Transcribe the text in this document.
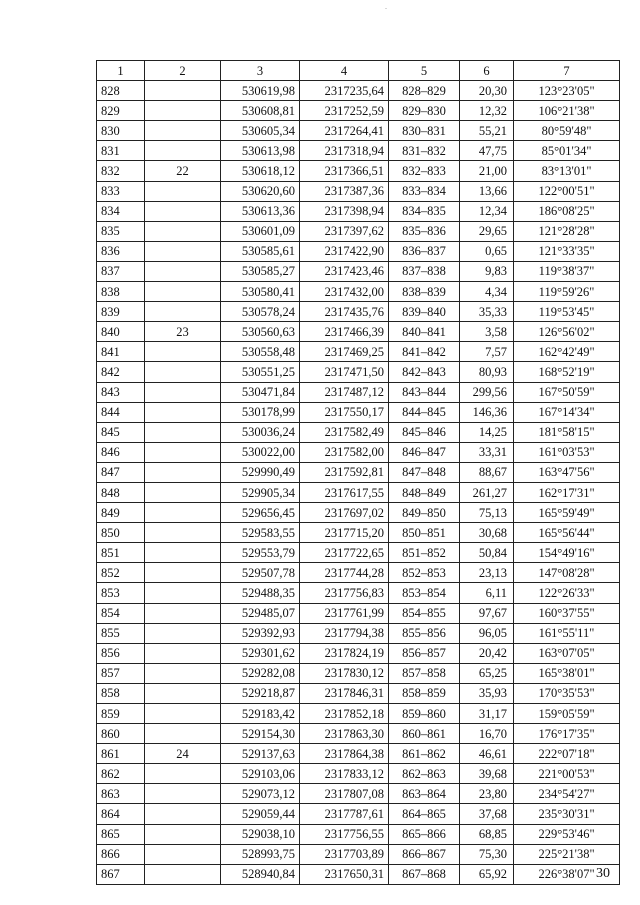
.
1	2	3	4	5	6	7
828		530619,98	2317235,64	828–829	20,30	123°23'05"
829		530608,81	2317252,59	829–830	12,32	106°21'38"
830		530605,34	2317264,41	830–831	55,21	80°59'48"
831		530613,98	2317318,94	831–832	47,75	85°01'34"
832	22	530618,12	2317366,51	832–833	21,00	83°13'01"
833		530620,60	2317387,36	833–834	13,66	122°00'51"
834		530613,36	2317398,94	834–835	12,34	186°08'25"
835		530601,09	2317397,62	835–836	29,65	121°28'28"
836		530585,61	2317422,90	836–837	0,65	121°33'35"
837		530585,27	2317423,46	837–838	9,83	119°38'37"
838		530580,41	2317432,00	838–839	4,34	119°59'26"
839		530578,24	2317435,76	839–840	35,33	119°53'45"
840	23	530560,63	2317466,39	840–841	3,58	126°56'02"
841		530558,48	2317469,25	841–842	7,57	162°42'49"
842		530551,25	2317471,50	842–843	80,93	168°52'19"
843		530471,84	2317487,12	843–844	299,56	167°50'59"
844		530178,99	2317550,17	844–845	146,36	167°14'34"
845		530036,24	2317582,49	845–846	14,25	181°58'15"
846		530022,00	2317582,00	846–847	33,31	161°03'53"
847		529990,49	2317592,81	847–848	88,67	163°47'56"
848		529905,34	2317617,55	848–849	261,27	162°17'31"
849		529656,45	2317697,02	849–850	75,13	165°59'49"
850		529583,55	2317715,20	850–851	30,68	165°56'44"
851		529553,79	2317722,65	851–852	50,84	154°49'16"
852		529507,78	2317744,28	852–853	23,13	147°08'28"
853		529488,35	2317756,83	853–854	6,11	122°26'33"
854		529485,07	2317761,99	854–855	97,67	160°37'55"
855		529392,93	2317794,38	855–856	96,05	161°55'11"
856		529301,62	2317824,19	856–857	20,42	163°07'05"
857		529282,08	2317830,12	857–858	65,25	165°38'01"
858		529218,87	2317846,31	858–859	35,93	170°35'53"
859		529183,42	2317852,18	859–860	31,17	159°05'59"
860		529154,30	2317863,30	860–861	16,70	176°17'35"
861	24	529137,63	2317864,38	861–862	46,61	222°07'18"
862		529103,06	2317833,12	862–863	39,68	221°00'53"
863		529073,12	2317807,08	863–864	23,80	234°54'27"
864		529059,44	2317787,61	864–865	37,68	235°30'31"
865		529038,10	2317756,55	865–866	68,85	229°53'46"
866		528993,75	2317703,89	866–867	75,30	225°21'38"
867		528940,84	2317650,31	867–868	65,92	226°38'07" 30
